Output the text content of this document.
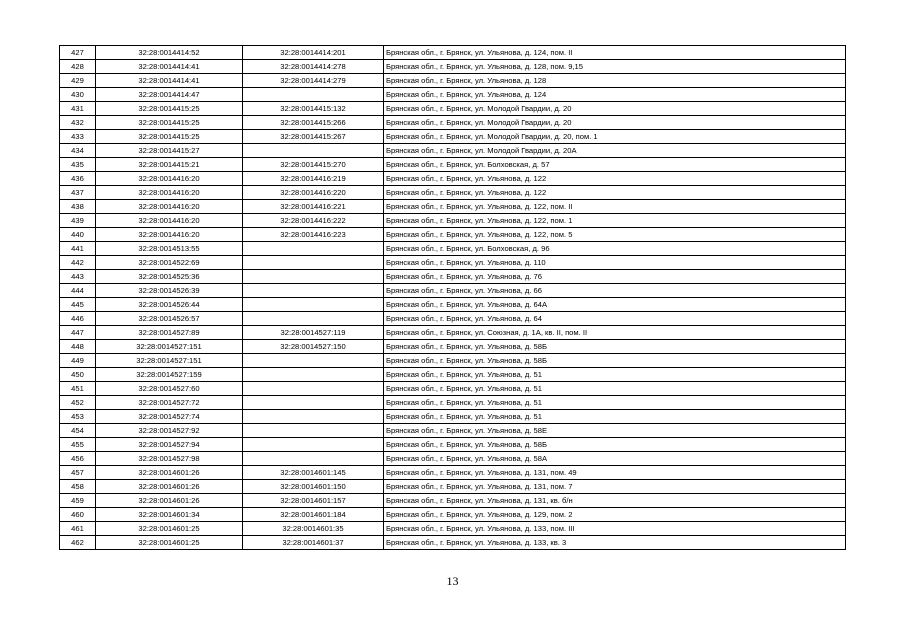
427	32:28:0014414:52	32:28:0014414:201	Брянская обл., г. Брянск, ул. Ульянова, д. 124, пом. II
428	32:28:0014414:41	32:28:0014414:278	Брянская обл., г. Брянск, ул. Ульянова, д. 128, пом. 9,15
429	32:28:0014414:41	32:28:0014414:279	Брянская обл., г. Брянск, ул. Ульянова, д. 128
430	32:28:0014414:47		Брянская обл., г. Брянск, ул. Ульянова, д. 124
431	32:28:0014415:25	32:28:0014415:132	Брянская обл., г. Брянск, ул. Молодой Гвардии, д. 20
432	32:28:0014415:25	32:28:0014415:266	Брянская обл., г. Брянск, ул. Молодой Гвардии, д. 20
433	32:28:0014415:25	32:28:0014415:267	Брянская обл., г. Брянск, ул. Молодой Гвардии, д. 20, пом. 1
434	32:28:0014415:27		Брянская обл., г. Брянск, ул. Молодой Гвардии, д. 20А
435	32:28:0014415:21	32:28:0014415:270	Брянская обл., г. Брянск, ул. Болховская, д. 57
436	32:28:0014416:20	32:28:0014416:219	Брянская обл., г. Брянск, ул. Ульянова, д. 122
437	32:28:0014416:20	32:28:0014416:220	Брянская обл., г. Брянск, ул. Ульянова, д. 122
438	32:28:0014416:20	32:28:0014416:221	Брянская обл., г. Брянск, ул. Ульянова, д. 122, пом. II
439	32:28:0014416:20	32:28:0014416:222	Брянская обл., г. Брянск, ул. Ульянова, д. 122, пом. 1
440	32:28:0014416:20	32:28:0014416:223	Брянская обл., г. Брянск, ул. Ульянова, д. 122, пом. 5
441	32:28:0014513:55		Брянская обл., г. Брянск, ул. Болховская, д. 96
442	32:28:0014522:69		Брянская обл., г. Брянск, ул. Ульянова, д. 110
443	32:28:0014525:36		Брянская обл., г. Брянск, ул. Ульянова, д. 76
444	32:28:0014526:39		Брянская обл., г. Брянск, ул. Ульянова, д. 66
445	32:28:0014526:44		Брянская обл., г. Брянск, ул. Ульянова, д. 64А
446	32:28:0014526:57		Брянская обл., г. Брянск, ул. Ульянова, д. 64
447	32:28:0014527:89	32:28:0014527:119	Брянская обл., г. Брянск, ул. Союзная, д. 1А, кв. II, пом. II
448	32:28:0014527:151	32:28:0014527:150	Брянская обл., г. Брянск, ул. Ульянова, д. 58Б
449	32:28:0014527:151		Брянская обл., г. Брянск, ул. Ульянова, д. 58Б
450	32:28:0014527:159		Брянская обл., г. Брянск, ул. Ульянова, д. 51
451	32:28:0014527:60		Брянская обл., г. Брянск, ул. Ульянова, д. 51
452	32:28:0014527:72		Брянская обл., г. Брянск, ул. Ульянова, д. 51
453	32:28:0014527:74		Брянская обл., г. Брянск, ул. Ульянова, д. 51
454	32:28:0014527:92		Брянская обл., г. Брянск, ул. Ульянова, д. 58Е
455	32:28:0014527:94		Брянская обл., г. Брянск, ул. Ульянова, д. 58Б
456	32:28:0014527:98		Брянская обл., г. Брянск, ул. Ульянова, д. 58А
457	32:28:0014601:26	32:28:0014601:145	Брянская обл., г. Брянск, ул. Ульянова, д. 131, пом. 49
458	32:28:0014601:26	32:28:0014601:150	Брянская обл., г. Брянск, ул. Ульянова, д. 131, пом. 7
459	32:28:0014601:26	32:28:0014601:157	Брянская обл., г. Брянск, ул. Ульянова, д. 131, кв. б/н
460	32:28:0014601:34	32:28:0014601:184	Брянская обл., г. Брянск, ул. Ульянова, д. 129, пом. 2
461	32:28:0014601:25	32:28:0014601:35	Брянская обл., г. Брянск, ул. Ульянова, д. 133, пом. III
462	32:28:0014601:25	32:28:0014601:37	Брянская обл., г. Брянск, ул. Ульянова, д. 133, кв. 3
13
